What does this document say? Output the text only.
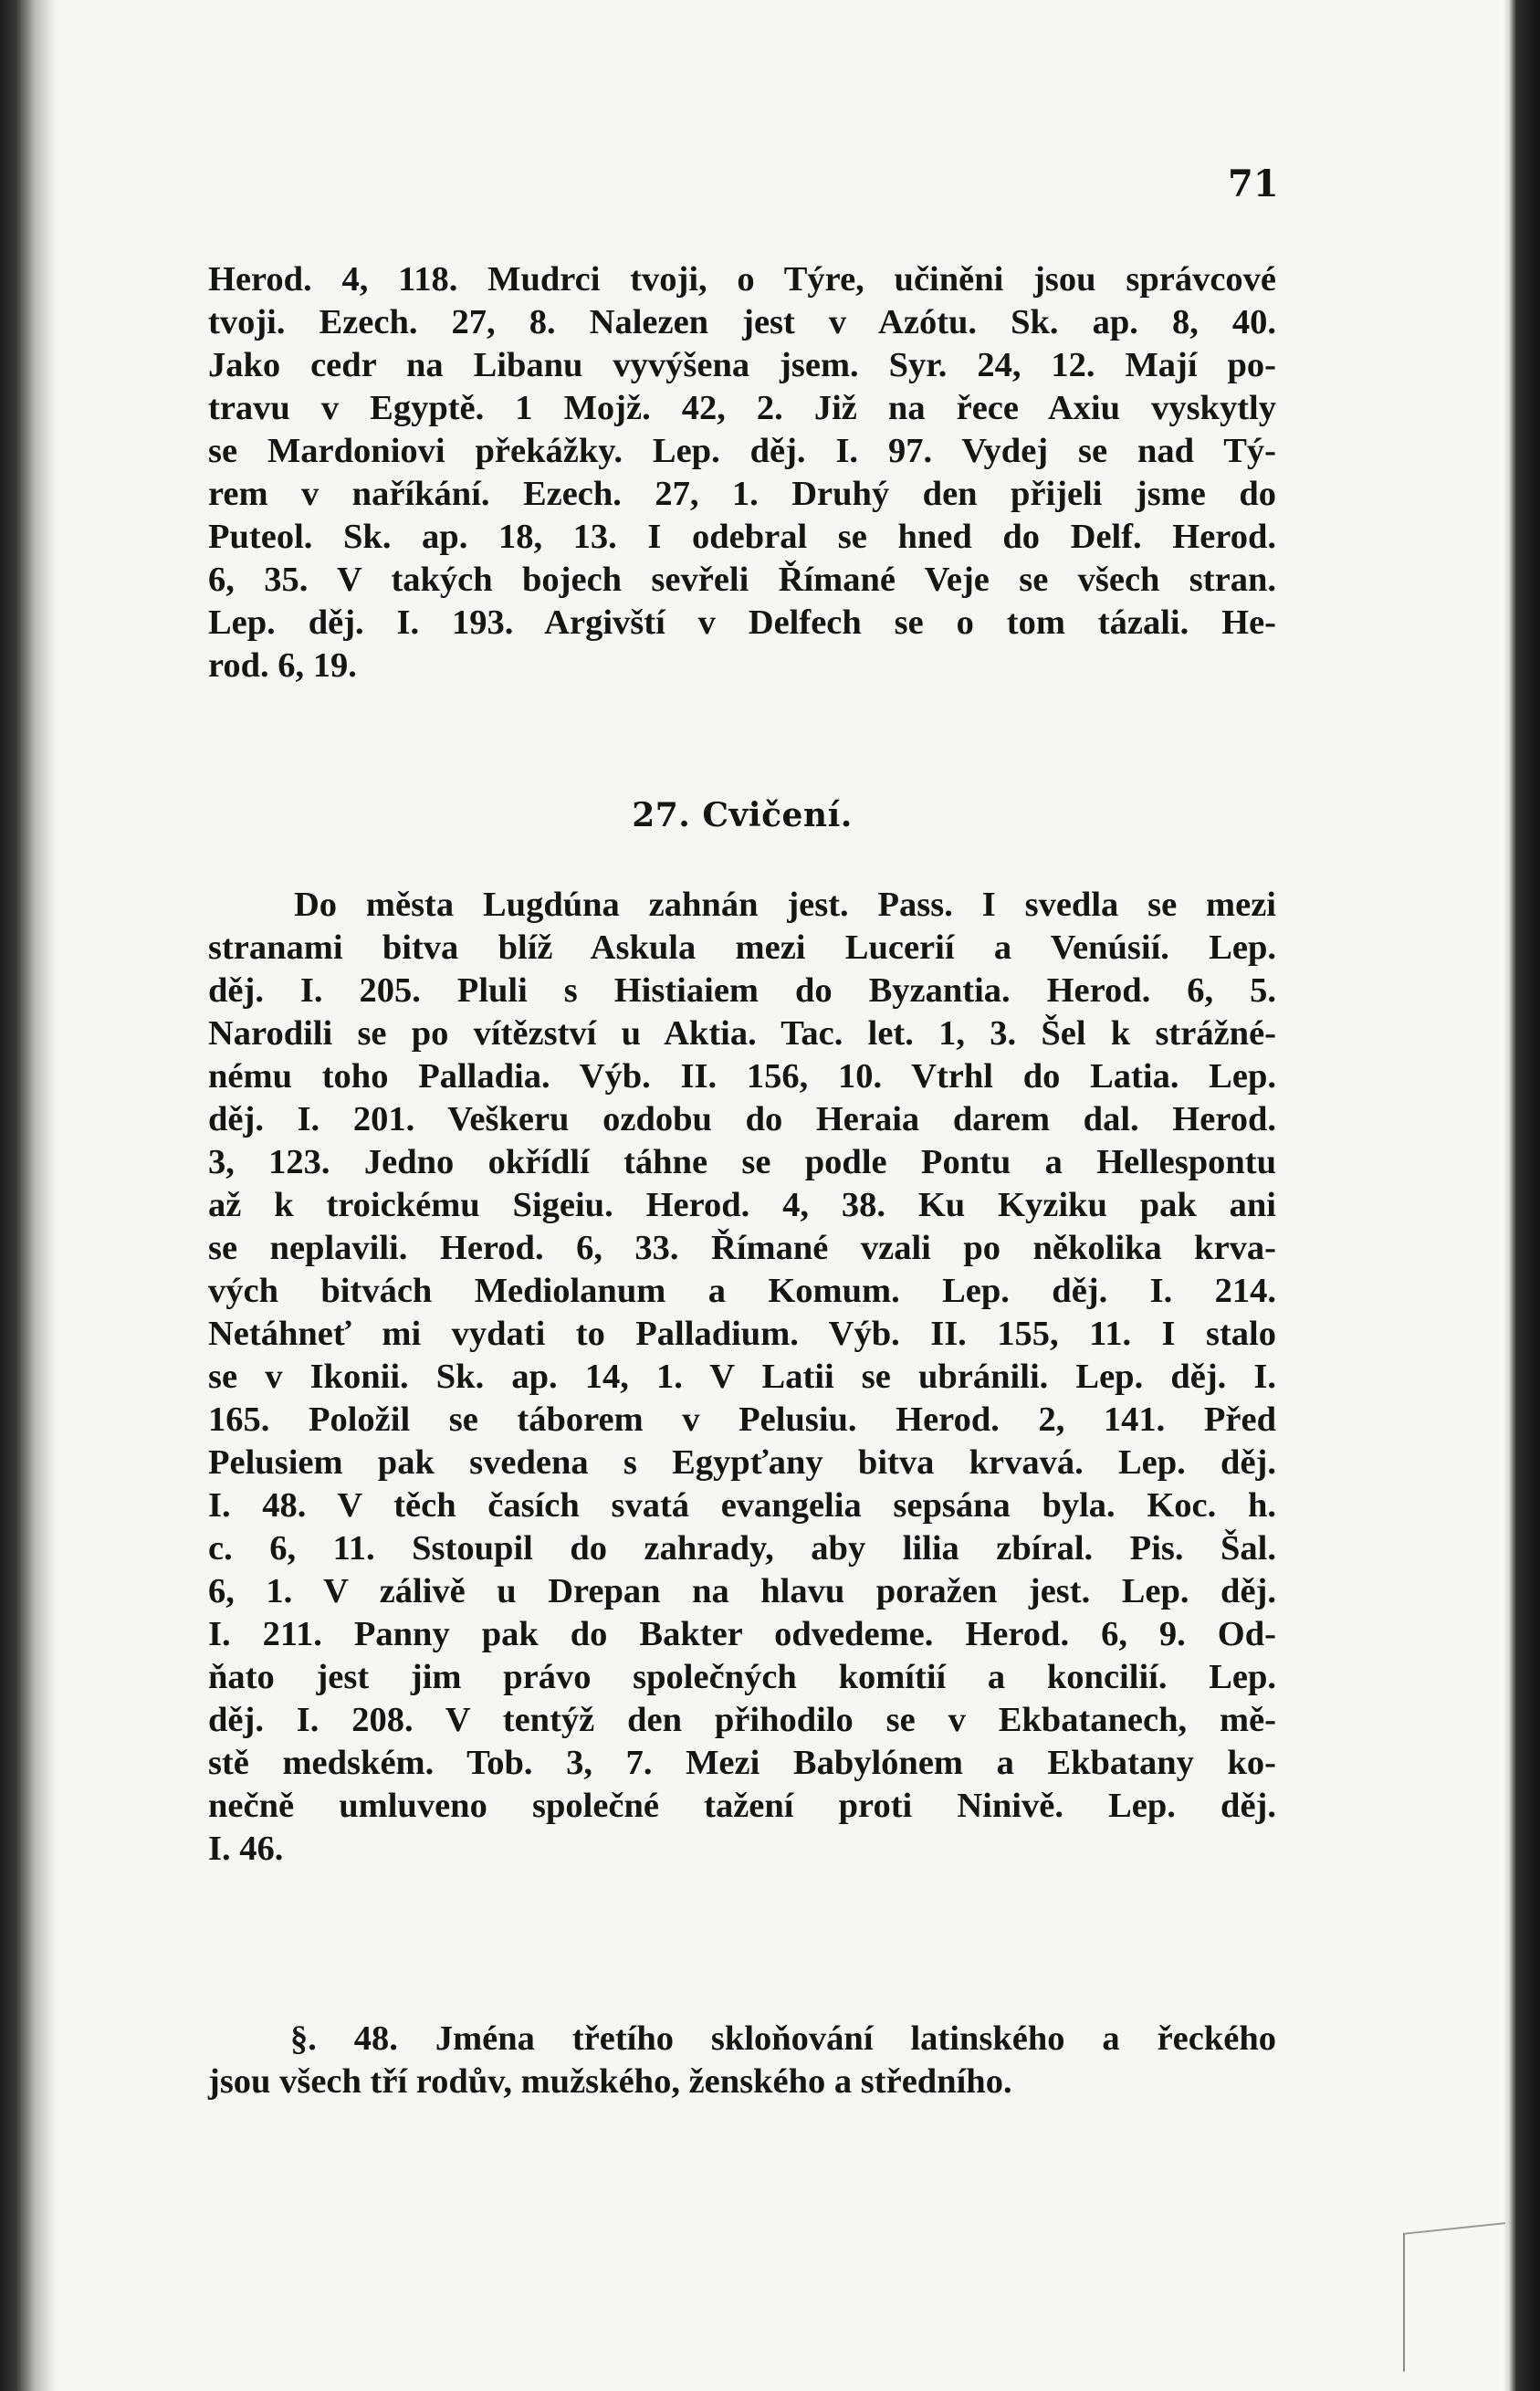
71
Herod. 4, 118. Mudrci tvoji, o Týre, učiněni jsou správcové
tvoji. Ezech. 27, 8. Nalezen jest v Azótu. Sk. ap. 8, 40.
Jako cedr na Libanu vyvýšena jsem. Syr. 24, 12. Mají po-
travu v Egyptě. 1 Mojž. 42, 2. Již na řece Axiu vyskytly
se Mardoniovi překážky. Lep. děj. I. 97. Vydej se nad Tý-
rem v naříkání. Ezech. 27, 1. Druhý den přijeli jsme do
Puteol. Sk. ap. 18, 13. I odebral se hned do Delf. Herod.
6, 35. V takých bojech sevřeli Římané Veje se všech stran.
Lep. děj. I. 193. Argivští v Delfech se o tom tázali. He-
rod. 6, 19.
27. Cvičení.
Do města Lugdúna zahnán jest. Pass. I svedla se mezi
stranami bitva blíž Askula mezi Lucerií a Venúsií. Lep.
děj. I. 205. Pluli s Histiaiem do Byzantia. Herod. 6, 5.
Narodili se po vítězství u Aktia. Tac. let. 1, 3. Šel k strážné-
nému toho Palladia. Výb. II. 156, 10. Vtrhl do Latia. Lep.
děj. I. 201. Veškeru ozdobu do Heraia darem dal. Herod.
3, 123. Jedno okřídlí táhne se podle Pontu a Hellespontu
až k troickému Sigeiu. Herod. 4, 38. Ku Kyziku pak ani
se neplavili. Herod. 6, 33. Římané vzali po několika krva-
vých bitvách Mediolanum a Komum. Lep. děj. I. 214.
Netáhneť mi vydati to Palladium. Výb. II. 155, 11. I stalo
se v Ikonii. Sk. ap. 14, 1. V Latii se ubránili. Lep. děj. I.
165. Položil se táborem v Pelusiu. Herod. 2, 141. Před
Pelusiem pak svedena s Egypťany bitva krvavá. Lep. děj.
I. 48. V těch časích svatá evangelia sepsána byla. Koc. h.
c. 6, 11. Sstoupil do zahrady, aby lilia zbíral. Pis. Šal.
6, 1. V zálivě u Drepan na hlavu poražen jest. Lep. děj.
I. 211. Panny pak do Bakter odvedeme. Herod. 6, 9. Od-
ňato jest jim právo společných komítií a koncilií. Lep.
děj. I. 208. V tentýž den přihodilo se v Ekbatanech, mě-
stě medském. Tob. 3, 7. Mezi Babylónem a Ekbatany ko-
nečně umluveno společné tažení proti Ninivě. Lep. děj.
I. 46.
§. 48. Jména třetího skloňování latinského a řeckého
jsou všech tří rodův, mužského, ženského a středního.
